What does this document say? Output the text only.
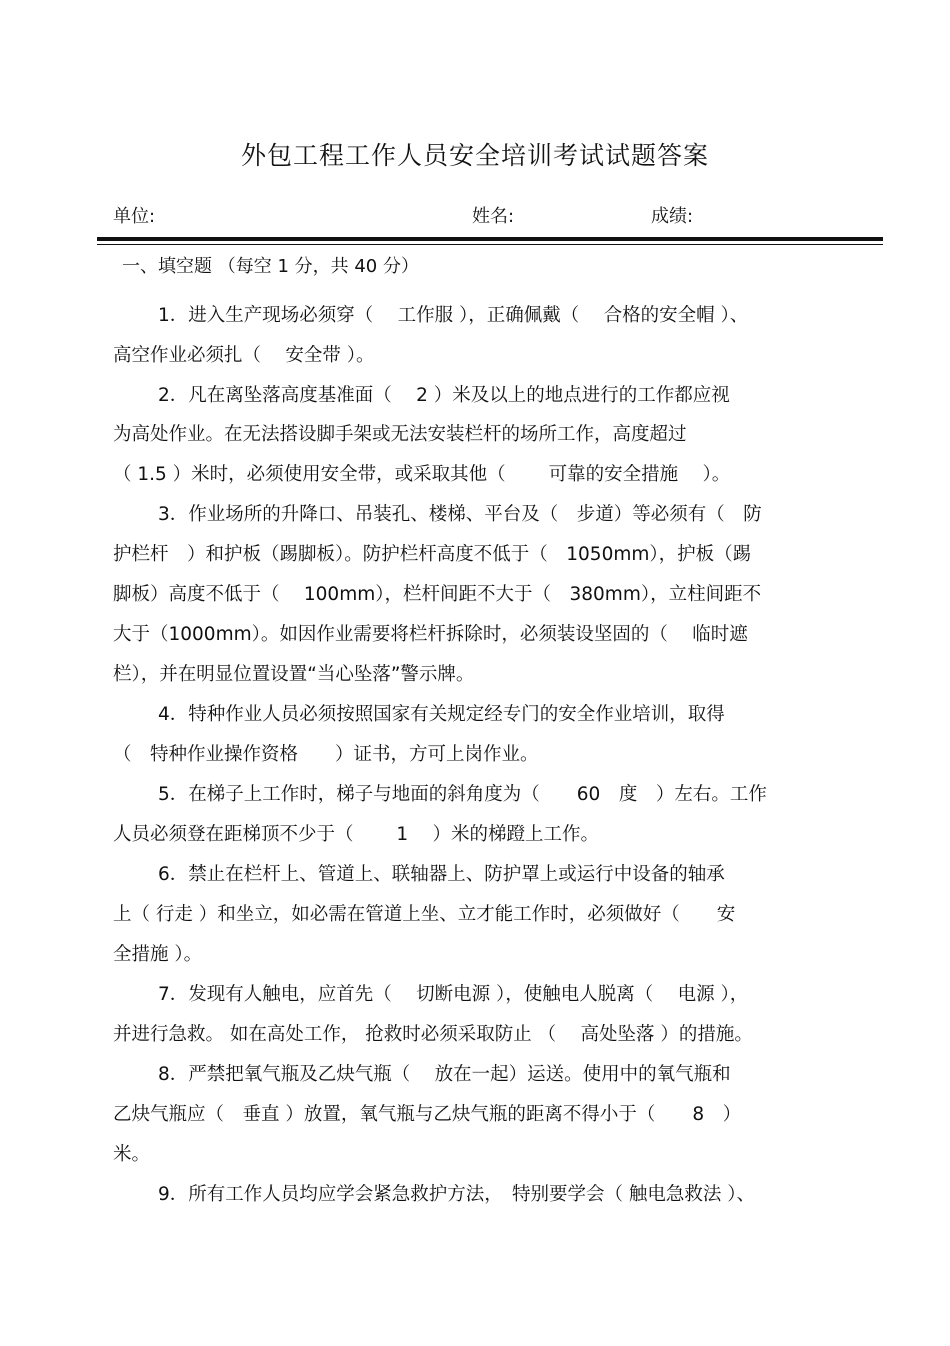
外包工程工作人员安全培训考试试题答案
单位:	姓名:	成绩:
一、填空题 （每空 1 分，共 40 分）
1．进入生产现场必须穿（　 工作服 ），正确佩戴（　 合格的安全帽 ）、
高空作业必须扎（　 安全带 ）。
2．凡在离坠落高度基准面（　 2 ）米及以上的地点进行的工作都应视
为高处作业。在无法搭设脚手架或无法安装栏杆的场所工作，高度超过
（ 1.5 ）米时，必须使用安全带，或采取其他（　　 可靠的安全措施　 ）。
3．作业场所的升降口、吊装孔、楼梯、平台及（　步道）等必须有（　防
护栏杆　）和护板（踢脚板）。防护栏杆高度不低于（　1050mm），护板（踢
脚板）高度不低于（　 100mm），栏杆间距不大于（　380mm），立柱间距不
大于（1000mm）。如因作业需要将栏杆拆除时，必须装设坚固的（　 临时遮
栏），并在明显位置设置“当心坠落”警示牌。
4．特种作业人员必须按照国家有关规定经专门的安全作业培训，取得
（　特种作业操作资格　　）证书，方可上岗作业。
5．在梯子上工作时，梯子与地面的斜角度为（　　60　度　）左右。工作
人员必须登在距梯顶不少于（　　 1　 ）米的梯蹬上工作。
6．禁止在栏杆上、管道上、联轴器上、防护罩上或运行中设备的轴承
上（ 行走 ）和坐立，如必需在管道上坐、立才能工作时，必须做好（　　安
全措施 ）。
7．发现有人触电，应首先（　 切断电源 ），使触电人脱离（　 电源 ），
并进行急救。 如在高处工作， 抢救时必须采取防止 （　 高处坠落 ）的措施。
8．严禁把氧气瓶及乙炔气瓶（　 放在一起）运送。使用中的氧气瓶和
乙炔气瓶应（　垂直 ）放置，氧气瓶与乙炔气瓶的距离不得小于（　　8　）
米。
9．所有工作人员均应学会紧急救护方法，　特别要学会（ 触电急救法 ）、
